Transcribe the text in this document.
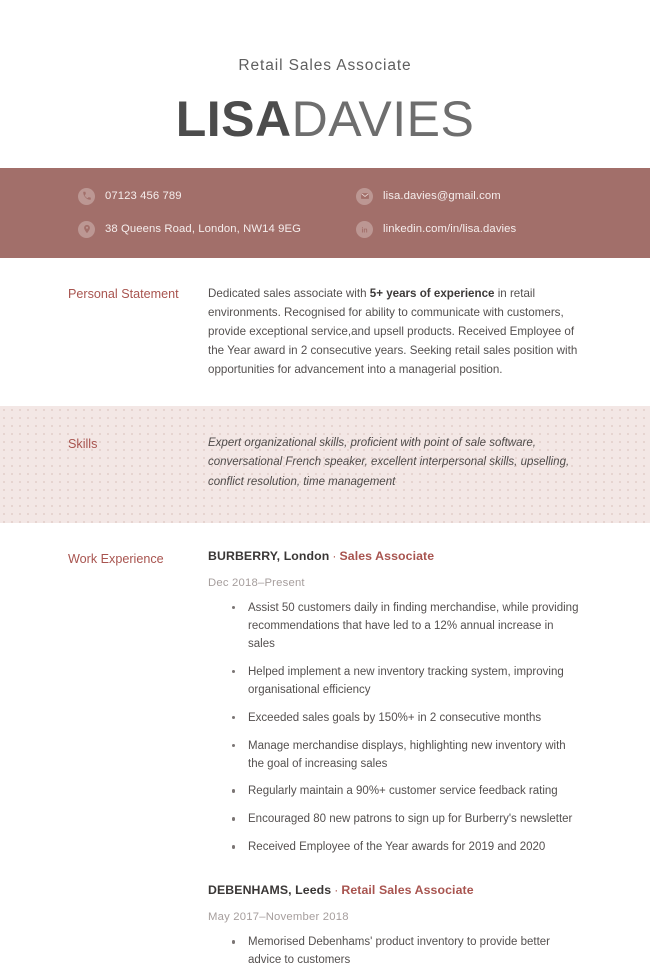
Retail Sales Associate
LISADAVIES
07123 456 789
38 Queens Road, London, NW14 9EG
lisa.davies@gmail.com
in linkedin.com/in/lisa.davies
Personal Statement	Dedicated sales associate with 5+ years of experience in retail environments. Recognised for ability to communicate with customers, provide exceptional service,and upsell products. Received Employee of the Year award in 2 consecutive years. Seeking retail sales position with opportunities for advancement into a managerial position.
Skills	Expert organizational skills, proficient with point of sale software, conversational French speaker, excellent interpersonal skills, upselling, conflict resolution, time management
Work Experience	BURBERRY, London · Sales Associate
Dec 2018–Present
Assist 50 customers daily in finding merchandise, while providing recommendations that have led to a 12% annual increase in sales
Helped implement a new inventory tracking system, improving organisational efficiency
Exceeded sales goals by 150%+ in 2 consecutive months
Manage merchandise displays, highlighting new inventory with the goal of increasing sales
Regularly maintain a 90%+ customer service feedback rating
Encouraged 80 new patrons to sign up for Burberry's newsletter
Received Employee of the Year awards for 2019 and 2020
DEBENHAMS, Leeds · Retail Sales Associate
May 2017–November 2018
Memorised Debenhams' product inventory to provide better advice to customers
